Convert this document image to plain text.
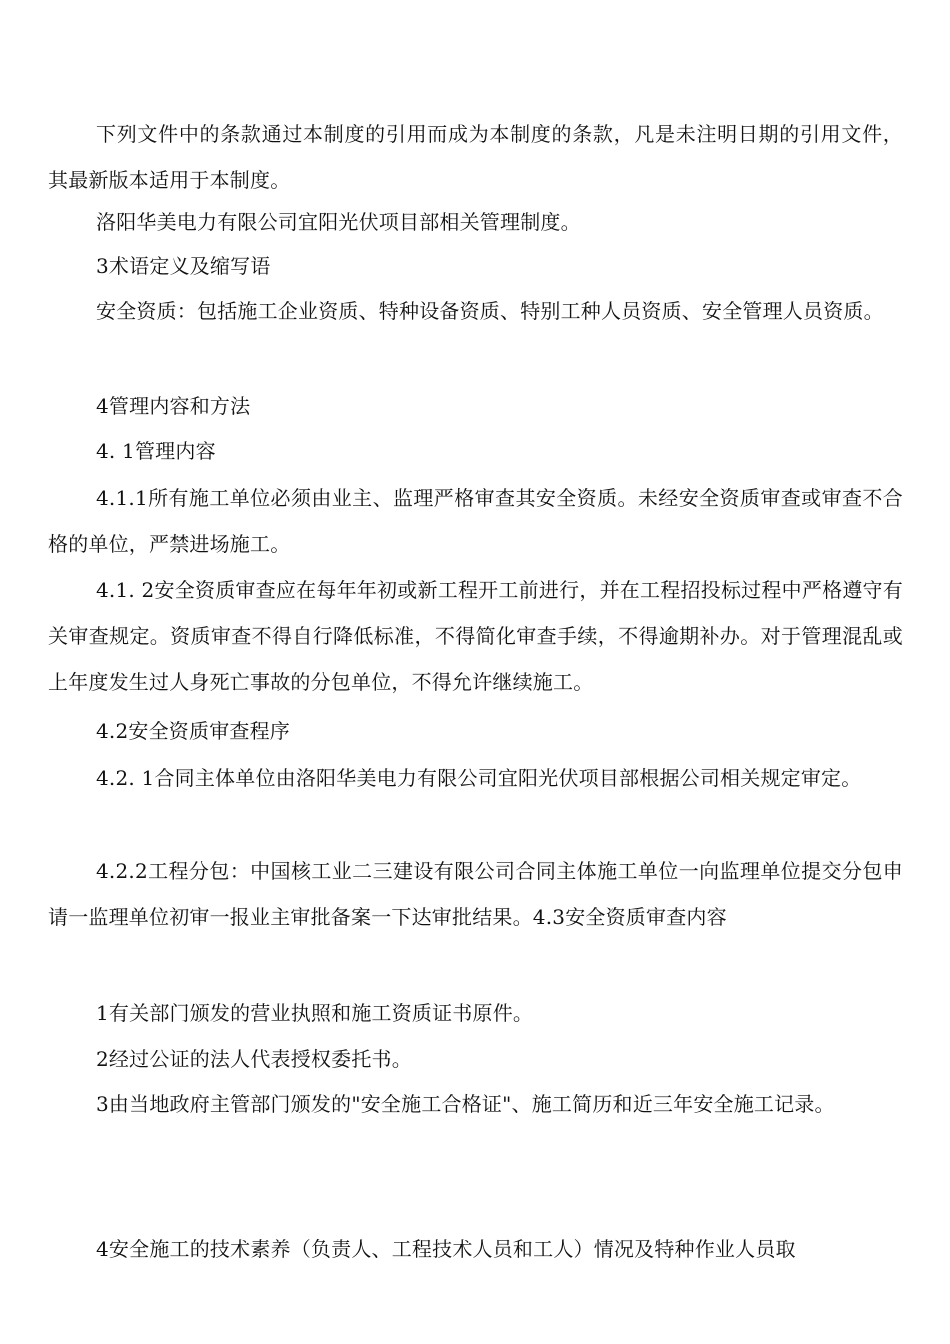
下列文件中的条款通过本制度的引用而成为本制度的条款，凡是未注明日期的引用文件，其最新版本适用于本制度。

洛阳华美电力有限公司宜阳光伏项目部相关管理制度。

3术语定义及缩写语

安全资质：包括施工企业资质、特种设备资质、特别工种人员资质、安全管理人员资质。

4管理内容和方法

4. 1管理内容

4.1.1所有施工单位必须由业主、监理严格审查其安全资质。未经安全资质审查或审查不合格的单位，严禁进场施工。

4.1. 2安全资质审查应在每年年初或新工程开工前进行，并在工程招投标过程中严格遵守有关审查规定。资质审查不得自行降低标准，不得简化审查手续，不得逾期补办。对于管理混乱或上年度发生过人身死亡事故的分包单位，不得允许继续施工。

4.2安全资质审查程序

4.2. 1合同主体单位由洛阳华美电力有限公司宜阳光伏项目部根据公司相关规定审定。

4.2.2工程分包：中国核工业二三建设有限公司合同主体施工单位一向监理单位提交分包申请一监理单位初审一报业主审批备案一下达审批结果。4.3安全资质审查内容

1有关部门颁发的营业执照和施工资质证书原件。

2经过公证的法人代表授权委托书。

3由当地政府主管部门颁发的"安全施工合格证"、施工简历和近三年安全施工记录。

4安全施工的技术素养（负责人、工程技术人员和工人）情况及特种作业人员取
